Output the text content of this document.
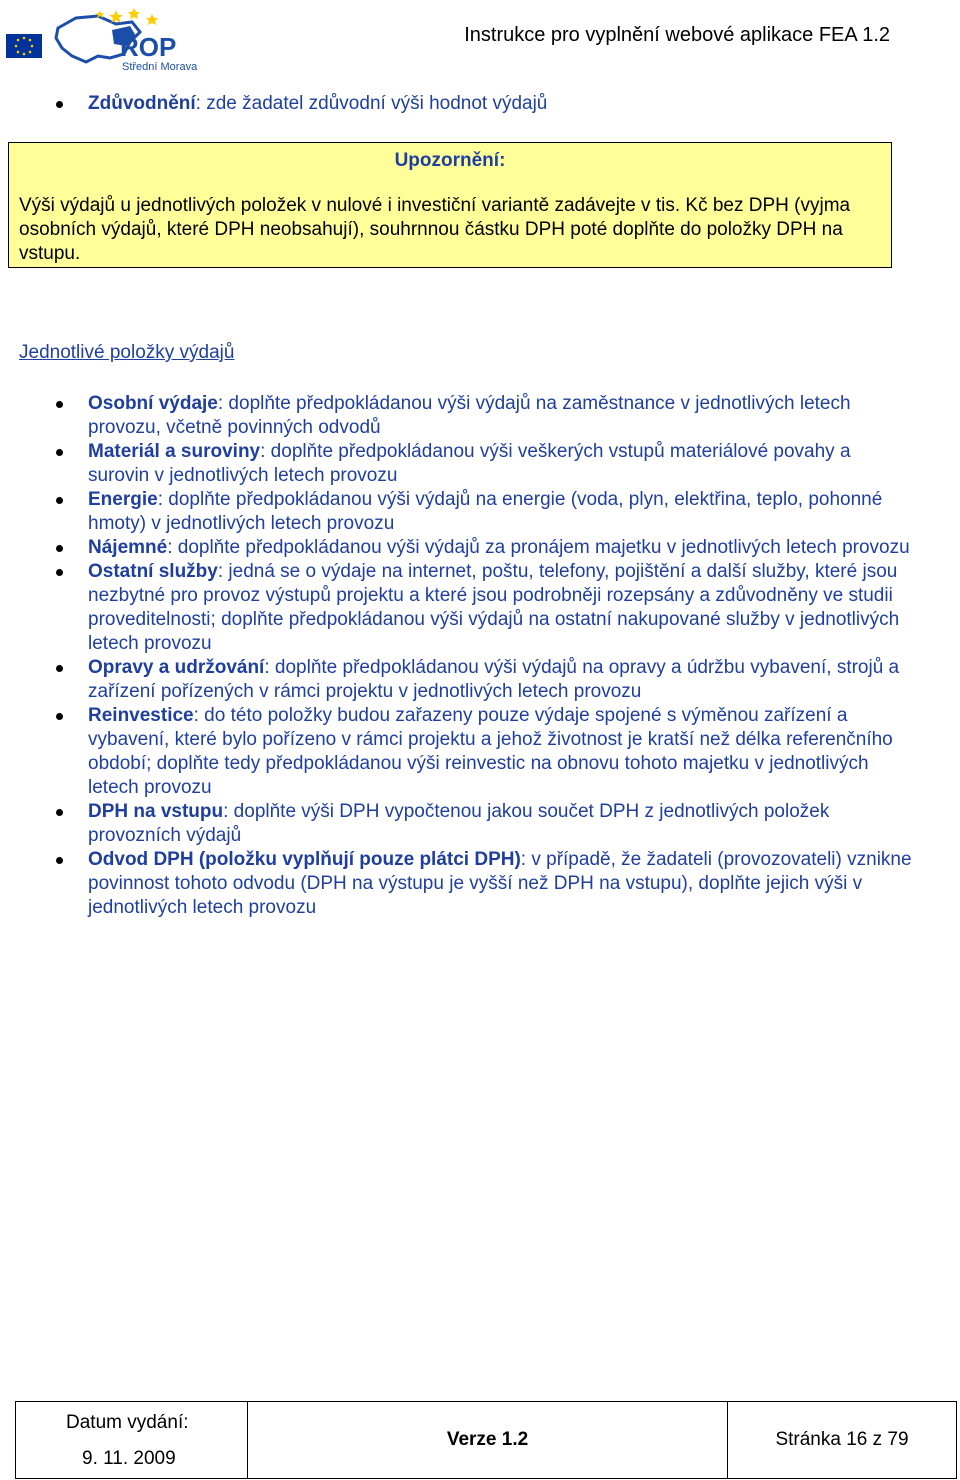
ROP
Střední Morava
Instrukce pro vyplnění webové aplikace FEA 1.2
Zdůvodnění: zde žadatel zdůvodní výši hodnot výdajů
Upozornění:
Výši výdajů u jednotlivých položek v nulové i investiční variantě zadávejte v tis. Kč bez DPH (vyjma osobních výdajů, které DPH neobsahují), souhrnnou částku DPH poté doplňte do položky DPH na vstupu.
Jednotlivé položky výdajů
Osobní výdaje: doplňte předpokládanou výši výdajů na zaměstnance v jednotlivých letech provozu, včetně povinných odvodů
Materiál a suroviny: doplňte předpokládanou výši veškerých vstupů materiálové povahy a surovin v jednotlivých letech provozu
Energie: doplňte předpokládanou výši výdajů na energie (voda, plyn, elektřina, teplo, pohonné hmoty) v jednotlivých letech provozu
Nájemné: doplňte předpokládanou výši výdajů za pronájem majetku v jednotlivých letech provozu
Ostatní služby: jedná se o výdaje na internet, poštu, telefony, pojištění a další služby, které jsou nezbytné pro provoz výstupů projektu a které jsou podrobněji rozepsány a zdůvodněny ve studii proveditelnosti; doplňte předpokládanou výši výdajů na ostatní nakupované služby v jednotlivých letech provozu
Opravy a udržování: doplňte předpokládanou výši výdajů na opravy a údržbu vybavení, strojů a zařízení pořízených v rámci projektu v jednotlivých letech provozu
Reinvestice: do této položky budou zařazeny pouze výdaje spojené s výměnou zařízení a vybavení, které bylo pořízeno v rámci projektu a jehož životnost je kratší než délka referenčního období; doplňte tedy předpokládanou výši reinvestic na obnovu tohoto majetku v jednotlivých letech provozu
DPH na vstupu: doplňte výši DPH vypočtenou jakou součet DPH z jednotlivých položek provozních výdajů
Odvod DPH (položku vyplňují pouze plátci DPH): v případě, že žadateli (provozovateli) vznikne povinnost tohoto odvodu (DPH na výstupu je vyšší než DPH na vstupu), doplňte jejich výši v jednotlivých letech provozu
Datum vydání:
9. 11. 2009
Verze 1.2	Stránka 16 z 79
